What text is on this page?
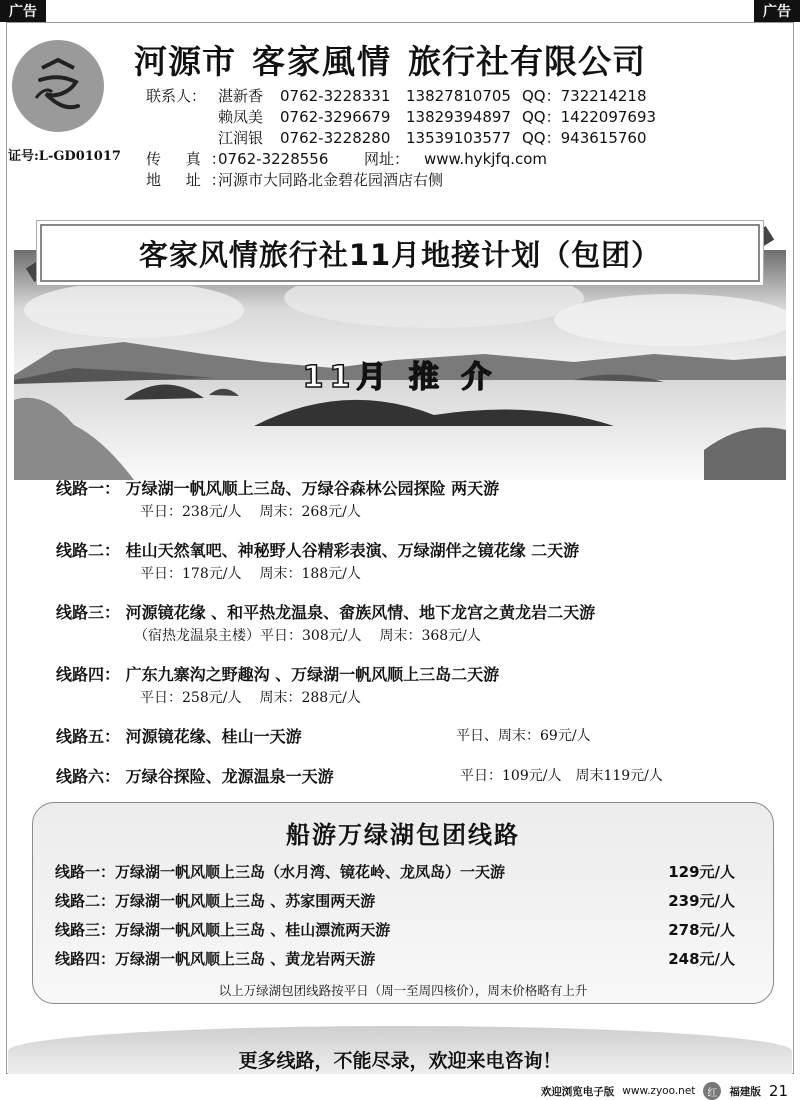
广告	广告
证号:L-GD01017
河源市 客家風情 旅行社有限公司
联系人： 湛新香	0762-3228331	13827810705 QQ：732214218
赖凤美	0762-3296679	13829394897 QQ：1422097693
江润银	0762-3228280	13539103577 QQ：943615760
传 真：
0762-3228556	网址： www.hykjfq.com
地 址：
河源市大同路北金碧花园酒店右侧
客家风情旅行社11月地接计划（包团）
11月 推 介
线路一： 万绿湖一帆风顺上三岛、万绿谷森林公园探险 两天游
平日：238元/人 周末：268元/人
线路二： 桂山天然氧吧、神秘野人谷精彩表演、万绿湖伴之镜花缘 二天游
平日：178元/人 周末：188元/人
线路三： 河源镜花缘 、和平热龙温泉、畲族风情、地下龙宫之黄龙岩二天游
（宿热龙温泉主楼）平日：308元/人 周末：368元/人
线路四： 广东九寨沟之野趣沟 、万绿湖一帆风顺上三岛二天游
平日：258元/人 周末：288元/人
线路五： 河源镜花缘、桂山一天游	平日、周末：69元/人
线路六： 万绿谷探险、龙源温泉一天游	平日：109元/人　周末119元/人
船游万绿湖包团线路
线路一：万绿湖一帆风顺上三岛（水月湾、镜花岭、龙凤岛）一天游	129元/人
线路二：万绿湖一帆风顺上三岛 、苏家围两天游	239元/人
线路三：万绿湖一帆风顺上三岛 、桂山漂流两天游	278元/人
线路四：万绿湖一帆风顺上三岛 、黄龙岩两天游	248元/人
以上万绿湖包团线路按平日（周一至周四核价），周末价格略有上升
更多线路，不能尽录，欢迎来电咨询！
欢迎浏览电子版 www.zyoo.net	红	福建版 21
